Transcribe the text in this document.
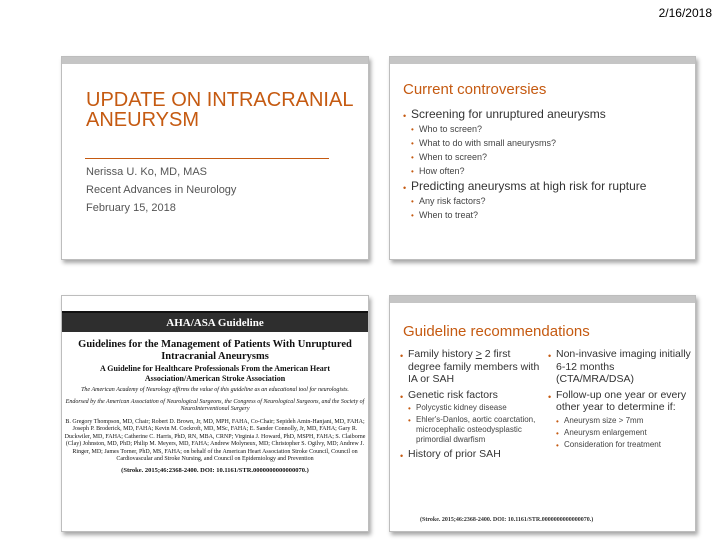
2/16/2018
UPDATE ON INTRACRANIAL ANEURYSM
Nerissa U. Ko, MD, MAS
Recent Advances in Neurology
February 15, 2018
Current controversies
• Screening for unruptured aneurysms
• Who to screen?
• What to do with small aneurysms?
• When to screen?
• How often?
• Predicting aneurysms at high risk for rupture
• Any risk factors?
• When to treat?
AHA/ASA Guideline
Guidelines for the Management of Patients With Unruptured Intracranial Aneurysms
A Guideline for Healthcare Professionals From the American Heart Association/American Stroke Association
The American Academy of Neurology affirms the value of this guideline as an educational tool for neurologists.
Endorsed by the American Association of Neurological Surgeons, the Congress of Neurological Surgeons, and the Society of NeuroInterventional Surgery
B. Gregory Thompson, MD, Chair; Robert D. Brown, Jr, MD, MPH, FAHA, Co-Chair; Sepideh Amin-Hanjani, MD, FAHA; Joseph P. Broderick, MD, FAHA; Kevin M. Cockroft, MD, MSc, FAHA; E. Sander Connolly, Jr, MD, FAHA; Gary R. Duckwiler, MD, FAHA; Catherine C. Harris, PhD, RN, MBA, CRNP; Virginia J. Howard, PhD, MSPH, FAHA; S. Claiborne (Clay) Johnston, MD, PhD; Philip M. Meyers, MD, FAHA; Andrew Molyneux, MD; Christopher S. Ogilvy, MD; Andrew J. Ringer, MD; James Torner, PhD, MS, FAHA; on behalf of the American Heart Association Stroke Council, Council on Cardiovascular and Stroke Nursing, and Council on Epidemiology and Prevention
(Stroke. 2015;46:2368-2400. DOI: 10.1161/STR.0000000000000070.)
Guideline recommendations
• Family history > 2 first degree family members with IA or SAH
• Genetic risk factors
• Polycystic kidney disease
• Ehler's-Danlos, aortic coarctation, microcephalic osteodysplastic primordial dwarfism
• History of prior SAH
• Non-invasive imaging initially 6-12 months (CTA/MRA/DSA)
• Follow-up one year or every other year to determine if:
• Aneurysm size > 7mm
• Aneurysm enlargement
• Consideration for treatment
(Stroke. 2015;46:2368-2400. DOI: 10.1161/STR.0000000000000070.)
